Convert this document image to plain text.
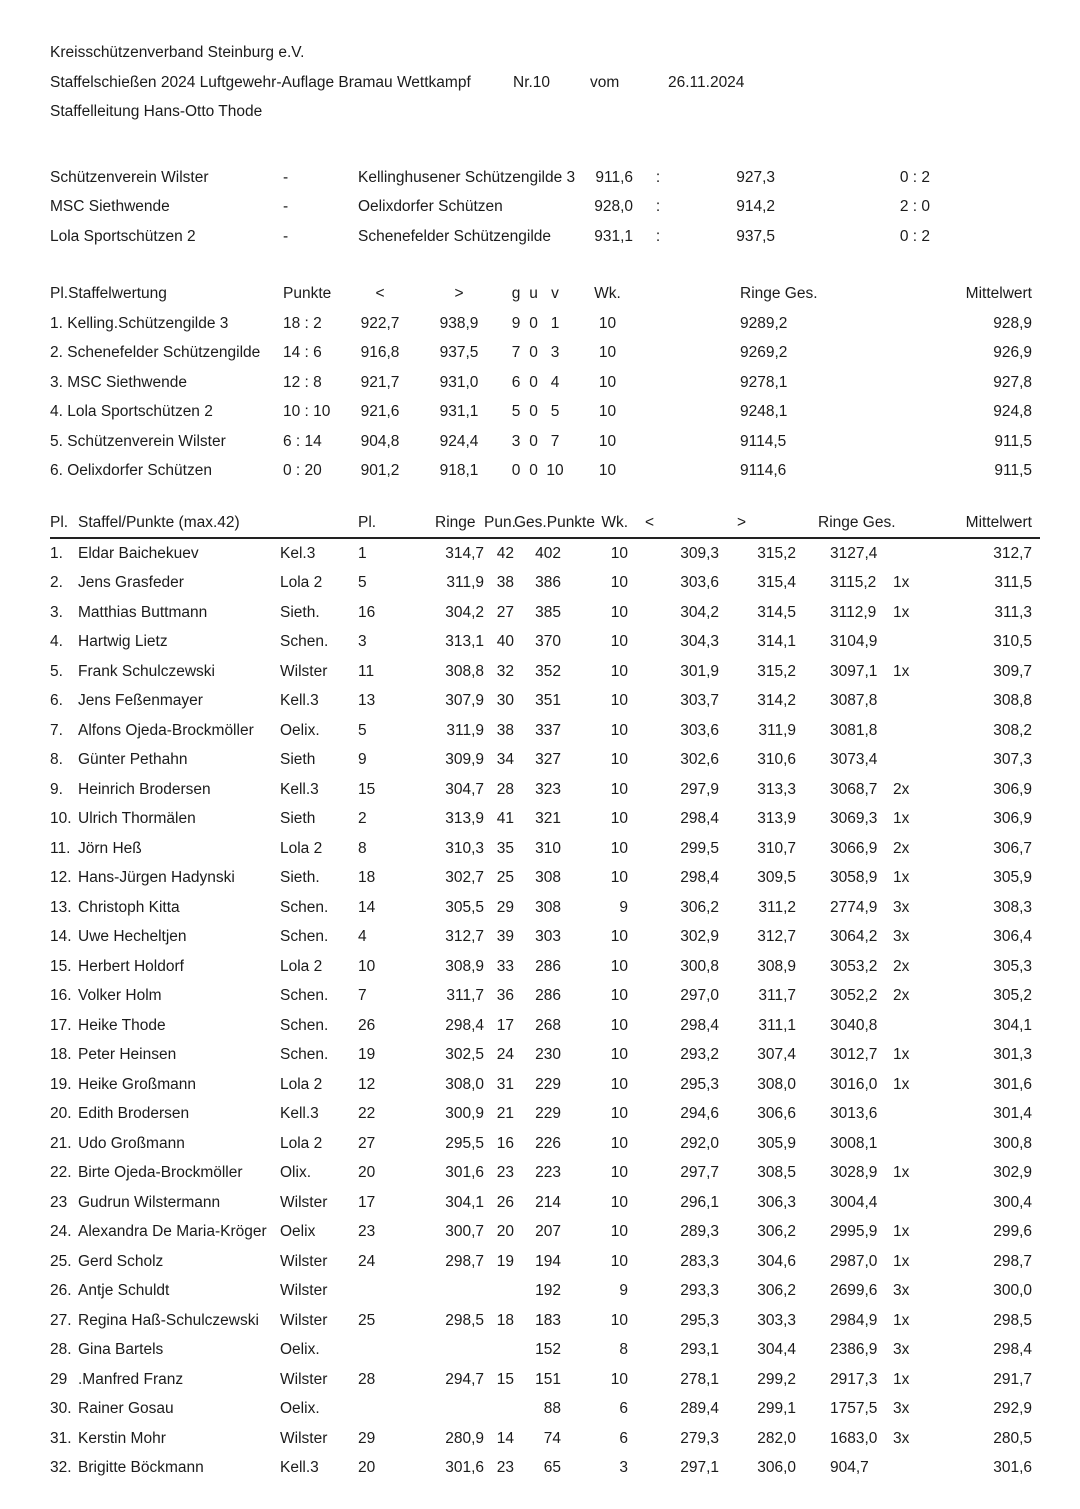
Kreisschützenverband Steinburg e.V.
Staffelschießen 2024 Luftgewehr-Auflage Bramau Wettkampf	Nr.10	vom	26.11.2024
Staffelleitung Hans-Otto Thode
Schützenverein Wilster	-	Kellinghusener Schützengilde 3	911,6	:	927,3	0 : 2
MSC Siethwende	-	Oelixdorfer Schützen	928,0	:	914,2	2 : 0
Lola Sportschützen 2	-	Schenefelder Schützengilde	931,1	:	937,5	0 : 2
Pl.Staffelwertung	Punkte	<	>	g	u	v	Wk.	Ringe Ges.	Mittelwert
1. Kelling.Schützengilde 3	18 : 2	922,7	938,9	9	0	1	10	9289,2	928,9
2. Schenefelder Schützengilde	14 : 6	916,8	937,5	7	0	3	10	9269,2	926,9
3. MSC Siethwende	12 : 8	921,7	931,0	6	0	4	10	9278,1	927,8
4. Lola Sportschützen 2	10 : 10	921,6	931,1	5	0	5	10	9248,1	924,8
5. Schützenverein Wilster	6 : 14	904,8	924,4	3	0	7	10	9114,5	911,5
6. Oelixdorfer Schützen	0 : 20	901,2	918,1	0	0	10	10	9114,6	911,5
Pl.	Staffel/Punkte (max.42)		Pl.	Ringe	Pun.	Ges.Punkte	Wk.	<	>	Ringe Ges.		Mittelwert
1.	Eldar Baichekuev	Kel.3	1	314,7	42	402	10	309,3	315,2	3127,4		312,7
2.	Jens Grasfeder	Lola 2	5	311,9	38	386	10	303,6	315,4	3115,2	1x	311,5
3.	Matthias Buttmann	Sieth.	16	304,2	27	385	10	304,2	314,5	3112,9	1x	311,3
4.	Hartwig Lietz	Schen.	3	313,1	40	370	10	304,3	314,1	3104,9		310,5
5.	Frank Schulczewski	Wilster	11	308,8	32	352	10	301,9	315,2	3097,1	1x	309,7
6.	Jens Feßenmayer	Kell.3	13	307,9	30	351	10	303,7	314,2	3087,8		308,8
7.	Alfons Ojeda-Brockmöller	Oelix.	5	311,9	38	337	10	303,6	311,9	3081,8		308,2
8.	Günter Pethahn	Sieth	9	309,9	34	327	10	302,6	310,6	3073,4		307,3
9.	Heinrich Brodersen	Kell.3	15	304,7	28	323	10	297,9	313,3	3068,7	2x	306,9
10.	Ulrich Thormälen	Sieth	2	313,9	41	321	10	298,4	313,9	3069,3	1x	306,9
11.	Jörn Heß	Lola 2	8	310,3	35	310	10	299,5	310,7	3066,9	2x	306,7
12.	Hans-Jürgen Hadynski	Sieth.	18	302,7	25	308	10	298,4	309,5	3058,9	1x	305,9
13.	Christoph Kitta	Schen.	14	305,5	29	308	9	306,2	311,2	2774,9	3x	308,3
14.	Uwe Hecheltjen	Schen.	4	312,7	39	303	10	302,9	312,7	3064,2	3x	306,4
15.	Herbert Holdorf	Lola 2	10	308,9	33	286	10	300,8	308,9	3053,2	2x	305,3
16.	Volker Holm	Schen.	7	311,7	36	286	10	297,0	311,7	3052,2	2x	305,2
17.	Heike Thode	Schen.	26	298,4	17	268	10	298,4	311,1	3040,8		304,1
18.	Peter Heinsen	Schen.	19	302,5	24	230	10	293,2	307,4	3012,7	1x	301,3
19.	Heike Großmann	Lola 2	12	308,0	31	229	10	295,3	308,0	3016,0	1x	301,6
20.	Edith Brodersen	Kell.3	22	300,9	21	229	10	294,6	306,6	3013,6		301,4
21.	Udo Großmann	Lola 2	27	295,5	16	226	10	292,0	305,9	3008,1		300,8
22.	Birte Ojeda-Brockmöller	Olix.	20	301,6	23	223	10	297,7	308,5	3028,9	1x	302,9
23	Gudrun Wilstermann	Wilster	17	304,1	26	214	10	296,1	306,3	3004,4		300,4
24.	Alexandra De Maria-Kröger	Oelix	23	300,7	20	207	10	289,3	306,2	2995,9	1x	299,6
25.	Gerd Scholz	Wilster	24	298,7	19	194	10	283,3	304,6	2987,0	1x	298,7
26.	Antje Schuldt	Wilster				192	9	293,3	306,2	2699,6	3x	300,0
27.	Regina Haß-Schulczewski	Wilster	25	298,5	18	183	10	295,3	303,3	2984,9	1x	298,5
28.	Gina Bartels	Oelix.				152	8	293,1	304,4	2386,9	3x	298,4
29	.Manfred Franz	Wilster	28	294,7	15	151	10	278,1	299,2	2917,3	1x	291,7
30.	Rainer Gosau	Oelix.				88	6	289,4	299,1	1757,5	3x	292,9
31.	Kerstin Mohr	Wilster	29	280,9	14	74	6	279,3	282,0	1683,0	3x	280,5
32.	Brigitte Böckmann	Kell.3	20	301,6	23	65	3	297,1	306,0	904,7		301,6
